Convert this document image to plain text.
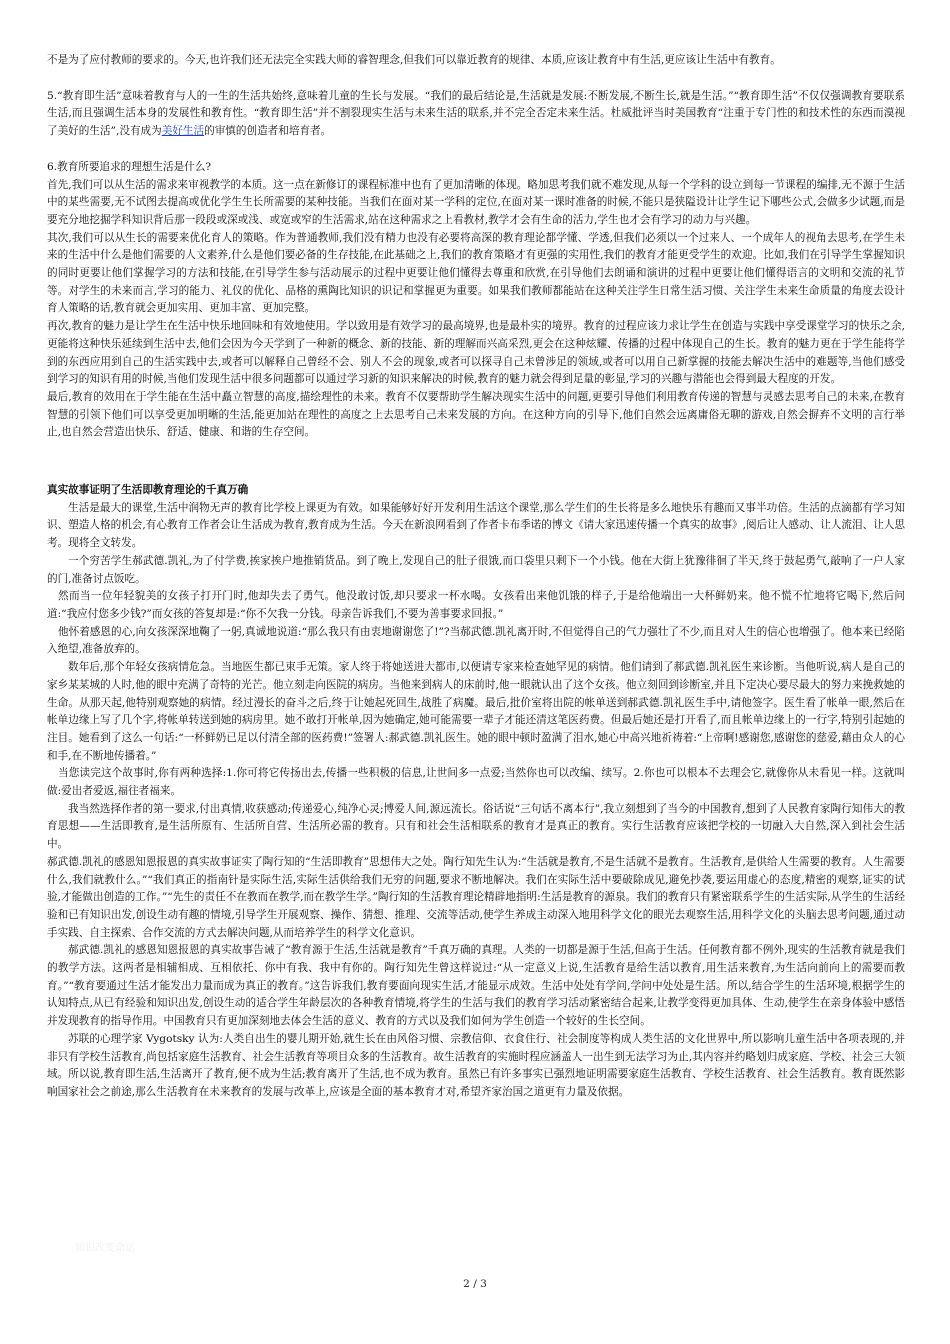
不是为了应付教师的要求的。今天,也许我们还无法完全实践大师的睿智理念,但我们可以靠近教育的规律、本质,应该让教育中有生活,更应该让生活中有教育。

5.“教育即生活”意味着教育与人的一生的生活共始终,意味着儿童的生长与发展。“我们的最后结论是,生活就是发展:不断发展,不断生长,就是生活。”“教育即生活”不仅仅强调教育要联系生活,而且强调生活本身的发展性和教育性。“教育即生活”并不割裂现实生活与未来生活的联系,并不完全否定未来生活。杜威批评当时美国教育“注重于专门性的和技术性的东西而漠视了美好的生活”,没有成为美好生活的审慎的创造者和培育者。

6.教育所要追求的理想生活是什么?

首先,我们可以从生活的需求来审视教学的本质。这一点在新修订的课程标准中也有了更加清晰的体现。略加思考我们就不难发现,从每一个学科的设立到每一节课程的编排,无不源于生活中的某些需要,无不试图去提高或优化学生生长所需要的某种技能。当我们在面对某一学科的定位,在面对某一课时准备的时候,不能只是狭隘设计让学生记下哪些公式,会做多少试题,而是要充分地挖掘学科知识背后那一段段或深或浅、或宽或窄的生活需求,站在这种需求之上看教材,教学才会有生命的活力,学生也才会有学习的动力与兴趣。

其次,我们可以从生长的需要来优化育人的策略。作为普通教师,我们没有精力也没有必要将高深的教育理论都学懂、学透,但我们必须以一个过来人、一个成年人的视角去思考,在学生未来的生活中什么是他们需要的人文素养,什么是他们要必备的生存技能,在此基础之上,我们的教育策略才有更强的实用性,我们的教育才能更受学生的欢迎。比如,我们在引导学生掌握知识的同时更要让他们掌握学习的方法和技能,在引导学生参与活动展示的过程中更要让他们懂得去尊重和欣赏,在引导他们去朗诵和演讲的过程中更要让他们懂得语言的文明和交流的礼节等。对学生的未来而言,学习的能力、礼仪的优化、品格的熏陶比知识的识记和掌握更为重要。如果我们教师都能站在这种关注学生日常生活习惯、关注学生未来生命质量的角度去设计育人策略的话,教育就会更加实用、更加丰富、更加完整。

再次,教育的魅力是让学生在生活中快乐地回味和有效地使用。学以致用是有效学习的最高境界,也是最朴实的境界。教育的过程应该力求让学生在创造与实践中享受课堂学习的快乐之余,更能将这种快乐延续到生活中去,他们会因为今天学到了一种新的概念、新的技能、新的理解而兴高采烈,更会在这种炫耀、传播的过程中体现自己的生长。教育的魅力更在于学生能将学到的东西应用到自己的生活实践中去,或者可以解释自己曾经不会、别人不会的现象,或者可以探寻自己未曾涉足的领域,或者可以用自己新掌握的技能去解决生活中的难题等,当他们感受到学习的知识有用的时候,当他们发现生活中很多问题都可以通过学习新的知识来解决的时候,教育的魅力就会得到足量的彰显,学习的兴趣与潜能也会得到最大程度的开发。

最后,教育的效用在于学生能在生活中矗立智慧的高度,描绘理性的未来。教育不仅要帮助学生解决现实生活中的问题,更要引导他们利用教育传递的智慧与灵感去思考自己的未来,在教育智慧的引领下他们可以享受更加明晰的生活,能更加站在理性的高度之上去思考自己未来发展的方向。在这种方向的引导下,他们自然会远离庸俗无聊的游戏,自然会摒弃不文明的言行举止,也自然会营造出快乐、舒适、健康、和谐的生存空间。

真实故事证明了生活即教育理论的千真万确

生活是最大的课堂,生活中润物无声的教育比学校上课更为有效。如果能够好好开发利用生活这个课堂,那么学生们的生长将是多么地快乐有趣而又事半功倍。生活的点滴都有学习知识、塑造人格的机会,有心教育工作者会让生活成为教育,教育成为生活。今天在新浪网看到了作者卡布季诺的博文《请大家迅速传播一个真实的故事》,阅后让人感动、让人流泪、让人思考。现将全文转发。

一个穷苦学生郝武德.凯礼,为了付学费,挨家挨户地推销货品。到了晚上,发现自己的肚子很饿,而口袋里只剩下一个小钱。他在大街上犹豫徘徊了半天,终于鼓起勇气,敲响了一户人家的门,准备讨点饭吃。

然而当一位年轻貌美的女孩子打开门时,他却失去了勇气。他没敢讨饭,却只要求一杯水喝。女孩看出来他饥饿的样子,于是给他端出一大杯鲜奶来。他不慌不忙地将它喝下,然后问道:“我应付您多少钱?”而女孩的答复却是:“你不欠我一分钱。母亲告诉我们,不要为善事要求回报。”

他怀着感恩的心,向女孩深深地鞠了一躬,真诚地说道:“那么我只有由衷地谢谢您了!”?当郝武德.凯礼离开时,不但觉得自己的气力强壮了不少,而且对人生的信心也增强了。他本来已经陷入绝望,准备放弃的。

数年后,那个年轻女孩病情危急。当地医生都已束手无策。家人终于将她送进大都市,以便请专家来检查她罕见的病情。他们请到了郝武德.凯礼医生来诊断。当他听说,病人是自己的家乡某某城的人时,他的眼中充满了奇特的光芒。他立刻走向医院的病房。当他来到病人的床前时,他一眼就认出了这个女孩。他立刻回到诊断室,并且下定决心要尽最大的努力来挽救她的生命。从那天起,他特别观察她的病情。经过漫长的奋斗之后,终于让她起死回生,战胜了病魔。最后,批价室将出院的帐单送到郝武德.凯礼医生手中,请他签字。医生看了帐单一眼,然后在帐单边缘上写了几个字,将帐单转送到她的病房里。她不敢打开帐单,因为她确定,她可能需要一辈子才能还清这笔医药费。但最后她还是打开看了,而且帐单边缘上的一行字,特别引起她的注目。她看到了这么一句话:“一杯鲜奶已足以付清全部的医药费!”签署人:郝武德.凯礼医生。她的眼中顿时盈满了泪水,她心中高兴地祈祷着:“上帝啊!感谢您,感谢您的慈爱,藉由众人的心和手,在不断地传播着。”

当您读完这个故事时,你有两种选择:1.你可将它传扬出去,传播一些积极的信息,让世间多一点爱;当然你也可以改编、续写。2.你也可以根本不去理会它,就像你从未看见一样。这就叫做:爱出者爱返,福往者福来。

我当然选择作者的第一要求,付出真情,收获感动;传递爱心,纯净心灵;博爱人间,源远流长。俗话说“三句话不离本行”,我立刻想到了当今的中国教育,想到了人民教育家陶行知伟大的教育思想——生活即教育,是生活所原有、生活所自营、生活所必需的教育。只有和社会生活相联系的教育才是真正的教育。实行生活教育应该把学校的一切融入大自然,深入到社会生活中。

郝武德.凯礼的感恩知恩报恩的真实故事证实了陶行知的“生活即教育”思想伟大之处。陶行知先生认为:“生活就是教育,不是生活就不是教育。生活教育,是供给人生需要的教育。人生需要什么,我们就教什么。”“我们真正的指南针是实际生活,实际生活供给我们无穷的问题,要求不断地解决。我们在实际生活中要破除成见,避免抄袭,要运用虚心的态度,精密的观察,证实的试验,才能做出创造的工作。”“先生的责任不在教而在教学,而在教学生学。”陶行知的生活教育理论精辟地指明:生活是教育的源泉。我们的教育只有紧密联系学生的生活实际,从学生的生活经验和已有知识出发,创设生动有趣的情境,引导学生开展观察、操作、猜想、推理、交流等活动,使学生养成主动深入地用科学文化的眼光去观察生活,用科学文化的头脑去思考问题,通过动手实践、自主探索、合作交流的方式去解决问题,从而培养学生的科学文化意识。

郝武德.凯礼的感恩知恩报恩的真实故事告诫了“教育源于生活,生活就是教育”千真万确的真理。人类的一切都是源于生活,但高于生活。任何教育都不例外,现实的生活教育就是我们的教学方法。这两者是相辅相成、互相依托、你中有我、我中有你的。陶行知先生曾这样说过:“从一定意义上说,生活教育是给生活以教育,用生活来教育,为生活向前向上的需要而教育。”“教育要通过生活才能发出力量而成为真正的教育。”这告诉我们,教育要面向现实生活,才能显示成效。生活中处处有学问,学问中处处是生活。所以,结合学生的生活环境,根据学生的认知特点,从已有经验和知识出发,创设生动的适合学生年龄层次的各种教育情境,将学生的生活与我们的教育学习活动紧密结合起来,让教学变得更加具体、生动,使学生在亲身体验中感悟并发现教育的指导作用。中国教育只有更加深刻地去体会生活的意义、教育的方式以及我们如何为学生创造一个较好的生长空间。

苏联的心理学家 Vygotsky 认为:人类自出生的婴儿期开始,就生长在由风俗习惯、宗教信仰、衣食住行、社会制度等构成人类生活的文化世界中,所以影响儿童生活中各项表现的,并非只有学校生活教育,尚包括家庭生活教育、社会生活教育等项目众多的生活教育。故生活教育的实施时程应涵盖人一出生到无法学习为止,其内容并约略划归成家庭、学校、社会三大领域。所以说,教育即生活,生活离开了教育,便不成为生活;教育离开了生活,也不成为教育。虽然已有许多事实已强烈地证明需要家庭生活教育、学校生活教育、社会生活教育。教育既然影响国家社会之前途,那么生活教育在未来教育的发展与改革上,应该是全面的基本教育才对,希望齐家治国之道更有力量及依据。

知识改变命运
2 / 3
